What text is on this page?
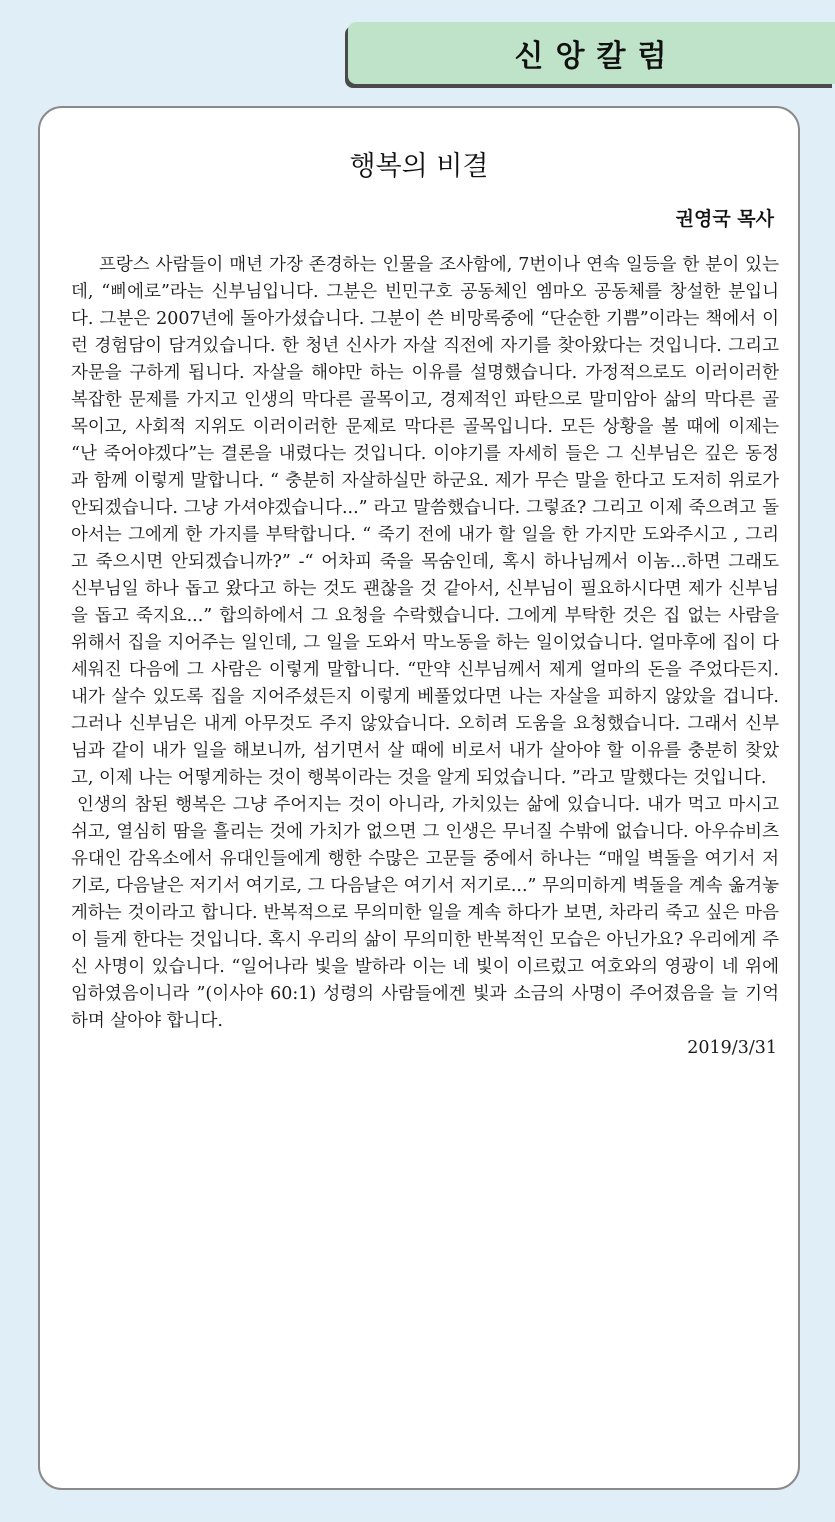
신앙칼럼
행복의 비결
권영국 목사

프랑스 사람들이 매년 가장 존경하는 인물을 조사함에, 7번이나 연속 일등을 한 분이 있는데, “삐에로”라는 신부님입니다. 그분은 빈민구호 공동체인 엠마오 공동체를 창설한 분입니다. 그분은 2007년에 돌아가셨습니다. 그분이 쓴 비망록중에 “단순한 기쁨”이라는 책에서 이런 경험담이 담겨있습니다. 한 청년 신사가 자살 직전에 자기를 찾아왔다는 것입니다. 그리고 자문을 구하게 됩니다. 자살을 해야만 하는 이유를 설명했습니다. 가정적으로도 이러이러한 복잡한 문제를 가지고 인생의 막다른 골목이고, 경제적인 파탄으로 말미암아 삶의 막다른 골목이고, 사회적 지위도 이러이러한 문제로 막다른 골목입니다. 모든 상황을 볼 때에 이제는 “난 죽어야겠다”는 결론을 내렸다는 것입니다. 이야기를 자세히 들은 그 신부님은 깊은 동정과 함께 이렇게 말합니다. “ 충분히 자살하실만 하군요. 제가 무슨 말을 한다고 도저히 위로가 안되겠습니다. 그냥 가셔야겠습니다...” 라고 말씀했습니다. 그렇죠? 그리고 이제 죽으려고 돌아서는 그에게 한 가지를 부탁합니다. “ 죽기 전에 내가 할 일을 한 가지만 도와주시고 , 그리고 죽으시면 안되겠습니까?” -“ 어차피 죽을 목숨인데, 혹시 하나님께서 이놈...하면 그래도 신부님일 하나 돕고 왔다고 하는 것도 괜찮을 것 같아서, 신부님이 필요하시다면 제가 신부님을 돕고 죽지요...” 합의하에서 그 요청을 수락했습니다. 그에게 부탁한 것은 집 없는 사람을 위해서 집을 지어주는 일인데, 그 일을 도와서 막노동을 하는 일이었습니다. 얼마후에 집이 다 세워진 다음에 그 사람은 이렇게 말합니다. “만약 신부님께서 제게 얼마의 돈을 주었다든지. 내가 살수 있도록 집을 지어주셨든지 이렇게 베풀었다면 나는 자살을 피하지 않았을 겁니다. 그러나 신부님은 내게 아무것도 주지 않았습니다. 오히려 도움을 요청했습니다. 그래서 신부님과 같이 내가 일을 해보니까, 섬기면서 살 때에 비로서 내가 살아야 할 이유를 충분히 찾았고, 이제 나는 어떻게하는 것이 행복이라는 것을 알게 되었습니다. ”라고 말했다는 것입니다.

인생의 참된 행복은 그냥 주어지는 것이 아니라, 가치있는 삶에 있습니다. 내가 먹고 마시고 쉬고, 열심히 땀을 흘리는 것에 가치가 없으면 그 인생은 무너질 수밖에 없습니다. 아우슈비츠 유대인 감옥소에서 유대인들에게 행한 수많은 고문들 중에서 하나는 “매일 벽돌을 여기서 저기로, 다음날은 저기서 여기로, 그 다음날은 여기서 저기로...” 무의미하게 벽돌을 계속 옮겨놓게하는 것이라고 합니다. 반복적으로 무의미한 일을 계속 하다가 보면, 차라리 죽고 싶은 마음이 들게 한다는 것입니다. 혹시 우리의 삶이 무의미한 반복적인 모습은 아닌가요? 우리에게 주신 사명이 있습니다. “일어나라 빛을 발하라 이는 네 빛이 이르렀고 여호와의 영광이 네 위에 임하였음이니라 ”(이사야 60:1) 성령의 사람들에겐 빛과 소금의 사명이 주어졌음을 늘 기억하며 살아야 합니다.

2019/3/31
